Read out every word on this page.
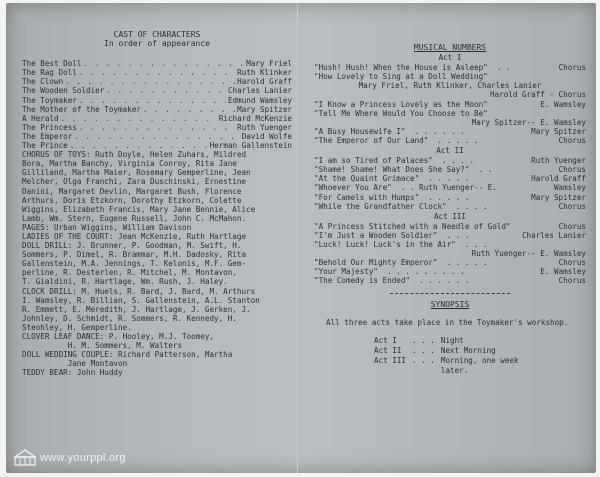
CAST OF CHARACTERS
In order of appearance
The Best Doll . . .	Mary Friel
The Rag Doll . . .	Ruth Klinker
The Clown . . .	Harold Graff
The Wooden Soldier . . .	Charles Lanier
The Toymaker . . .	Edmund Wamsley
The Mother of the Toymaker . . .	Mary Spitzer
A Herald . . .	Richard McKenzie
The Princess . . .	Ruth Yuenger
The Emperor . . .	David Wolfe
The Prince . . .	Herman Gallenstein
CHORUS OF TOYS: Ruth Doyle, Helen Zuhars, Mildred
Bora, Martha Banchy, Virginia Conroy, Rita Jane
Gilliland, Martha Maier, Rosemary Gemperline, Jean
Melcher, Olga Franchi, Zara Duschinski, Ernestine
Danini, Margaret Devlin, Margaret Bush, Florence
Arthurs, Doris Etzkorn, Dorothy Etzkorn, Colette
Wiggins, Elizabeth Francis, Mary Jane Bennie, Alice
Lamb, Wm. Stern, Eugene Russell, John C. McMahon.
PAGES: Urban Wiggins, William Davison
LADIES OF THE COURT: Jean McKenzie, Ruth Hartlage
DOLL DRILL: J. Brunner, P. Goodman, M. Swift, H.
Sommers, P. Dimel, R. Brammar, M.H. Dadosky, Rita
Gallenstein, M.A. Jennings, T. Kelonis, M.F. Gem-
perline, R. Desterlen, R. Mitchel, M. Montavon,
T. Gialdini, R. Hartlage, Wm. Rush, J. Haley.
CLOCK DRILL: M. Huels, R. Bard, J. Bard, M. Arthurs
I. Wamsley, R. Billian, S. Gallenstein, A.L. Stanton
R. Emmett, E. Meredith, J. Hartlage, J. Gerken, J.
Johnley, D. Schmidt, R. Sommers, R. Kennedy, H.
Steohley, H. Gemperline.
CLOVER LEAF DANCE: P. Hooley, M.J. Toomey,
H. M. Sommers, M. Walters
DOLL WEDDING COUPLE: Richard Patterson, Martha
Jane Montavon
TEDDY BEAR: John Huddy
MUSICAL NUMBERS
Act I
"Hush! Hush! When the House is Asleep"  . .	Chorus
"How Lovely to Sing at a Doll Wedding"
Mary Friel, Ruth Klinker, Charles Lanier
Harold Graff - Chorus
"I Know a Princess Lovely as the Moon"	E. Wamsley
"Tell Me Where Would You Choose to Be"
Mary Spitzer-- E. Wamsley
"A Busy Housewife I"  . . . . . .	Mary Spitzer
"The Emperor of Our Land"  . . . . .	Chorus
Act II
"I am so Tired of Palaces"  . . . .	Ruth Yuenger
"Shame! Shame! What Does She Say?"  . .	Chorus
"At the Quaint Grimace"  . . . . .	Harold Graff
"Whoever You Are"  . . Ruth Yuenger-- E.	Wamsley
"For Camels with Humps"  . . . . .	Mary Spitzer
"While the Grandfather Clock"  . . . .	Chorus
Act III
"A Princess Stitched with a Needle of Gold"	Chorus
"I'm Just a Wooden Soldier"  . . .	Charles Lanier
"Luck! Luck! Luck's in the Air"  . . .
Ruth Yuenger-- E. Wamsley
"Behold Our Mighty Emperor"  . . . . .	Chorus
"Your Majesty"  . . . . . . . . .	E. Wamsley
"The Comedy is Ended"  . . . . . .	Chorus
SYNOPSIS
All three acts take place in the Toymaker's workshop.
Act I	. . .	Night
Act II	. . .	Next Morning
Act III	. . .	Morning, one week later.
www.yourppl.org
